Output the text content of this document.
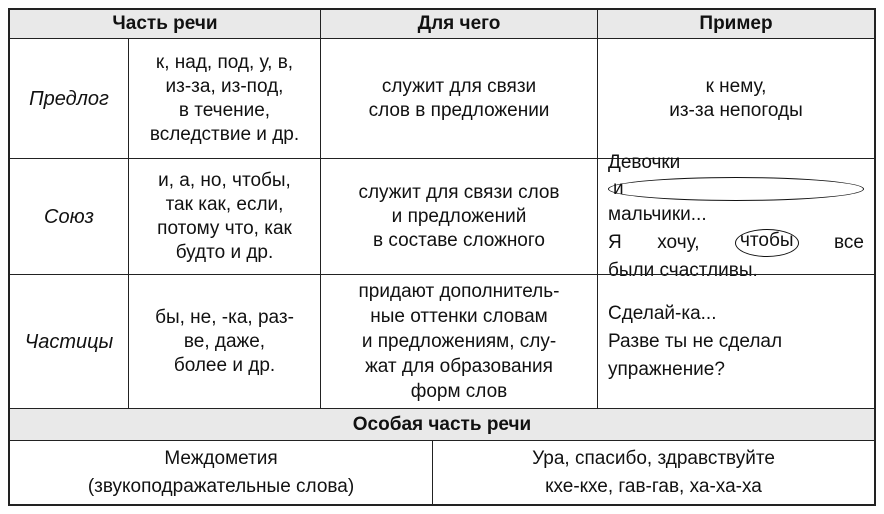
Часть речи	Для чего	Пример
Предлог
к, над, под, у, в,
из-за, из-под,
в течение,
вследствие и др.
служит для связи
слов в предложении
к нему,
из-за непогоды
Союз
и, а, но, чтобы,
так как, если,
потому что, как
будто и др.
служит для связи слов
и предложений
в составе сложного
Девочки
и
мальчики...
Я хочу, чтобы все
были счастливы.
Частицы
бы, не, -ка, раз-
ве, даже,
более и др.
придают дополнитель-
ные оттенки словам
и предложениям, слу-
жат для образования
форм слов
Сделай-ка...
Разве ты не сделал
упражнение?
Особая часть речи
Междометия
(звукоподражательные слова)
Ура, спасибо, здравствуйте
кхе-кхе, гав-гав, ха-ха-ха
